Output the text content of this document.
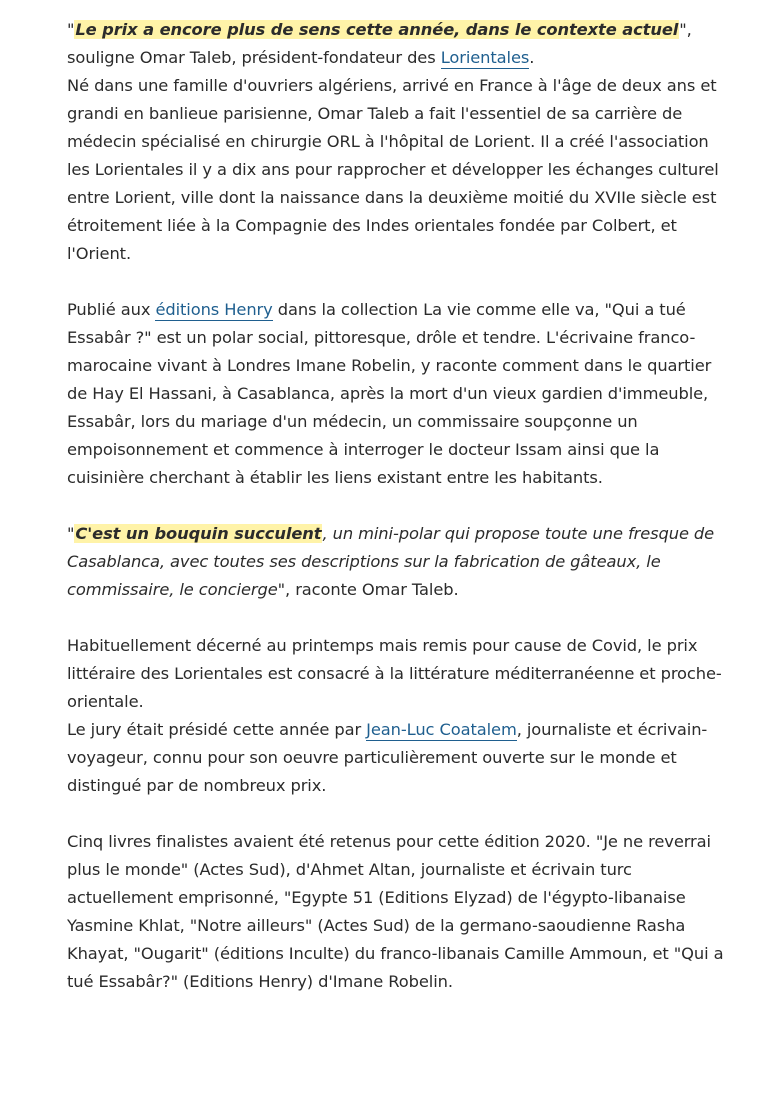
"Le prix a encore plus de sens cette année, dans le contexte actuel", souligne Omar Taleb, président-fondateur des Lorientales.
Né dans une famille d'ouvriers algériens, arrivé en France à l'âge de deux ans et grandi en banlieue parisienne, Omar Taleb a fait l'essentiel de sa carrière de médecin spécialisé en chirurgie ORL à l'hôpital de Lorient. Il a créé l'association les Lorientales il y a dix ans pour rapprocher et développer les échanges culturel entre Lorient, ville dont la naissance dans la deuxième moitié du XVIIe siècle est étroitement liée à la Compagnie des Indes orientales fondée par Colbert, et l'Orient.

Publié aux éditions Henry dans la collection La vie comme elle va, "Qui a tué Essabâr ?" est un polar social, pittoresque, drôle et tendre. L'écrivaine franco-marocaine vivant à Londres Imane Robelin, y raconte comment dans le quartier de Hay El Hassani, à Casablanca, après la mort d'un vieux gardien d'immeuble, Essabâr, lors du mariage d'un médecin, un commissaire soupçonne un empoisonnement et commence à interroger le docteur Issam ainsi que la cuisinière cherchant à établir les liens existant entre les habitants.

"C'est un bouquin succulent, un mini-polar qui propose toute une fresque de Casablanca, avec toutes ses descriptions sur la fabrication de gâteaux, le commissaire, le concierge", raconte Omar Taleb.

Habituellement décerné au printemps mais remis pour cause de Covid, le prix littéraire des Lorientales est consacré à la littérature méditerranéenne et proche-orientale.
Le jury était présidé cette année par Jean-Luc Coatalem, journaliste et écrivain-voyageur, connu pour son oeuvre particulièrement ouverte sur le monde et distingué par de nombreux prix.

Cinq livres finalistes avaient été retenus pour cette édition 2020. "Je ne reverrai plus le monde" (Actes Sud), d'Ahmet Altan, journaliste et écrivain turc actuellement emprisonné, "Egypte 51 (Editions Elyzad) de l'égypto-libanaise Yasmine Khlat, "Notre ailleurs" (Actes Sud) de la germano-saoudienne Rasha Khayat, "Ougarit" (éditions Inculte) du franco-libanais Camille Ammoun, et "Qui a tué Essabâr?" (Editions Henry) d'Imane Robelin.
